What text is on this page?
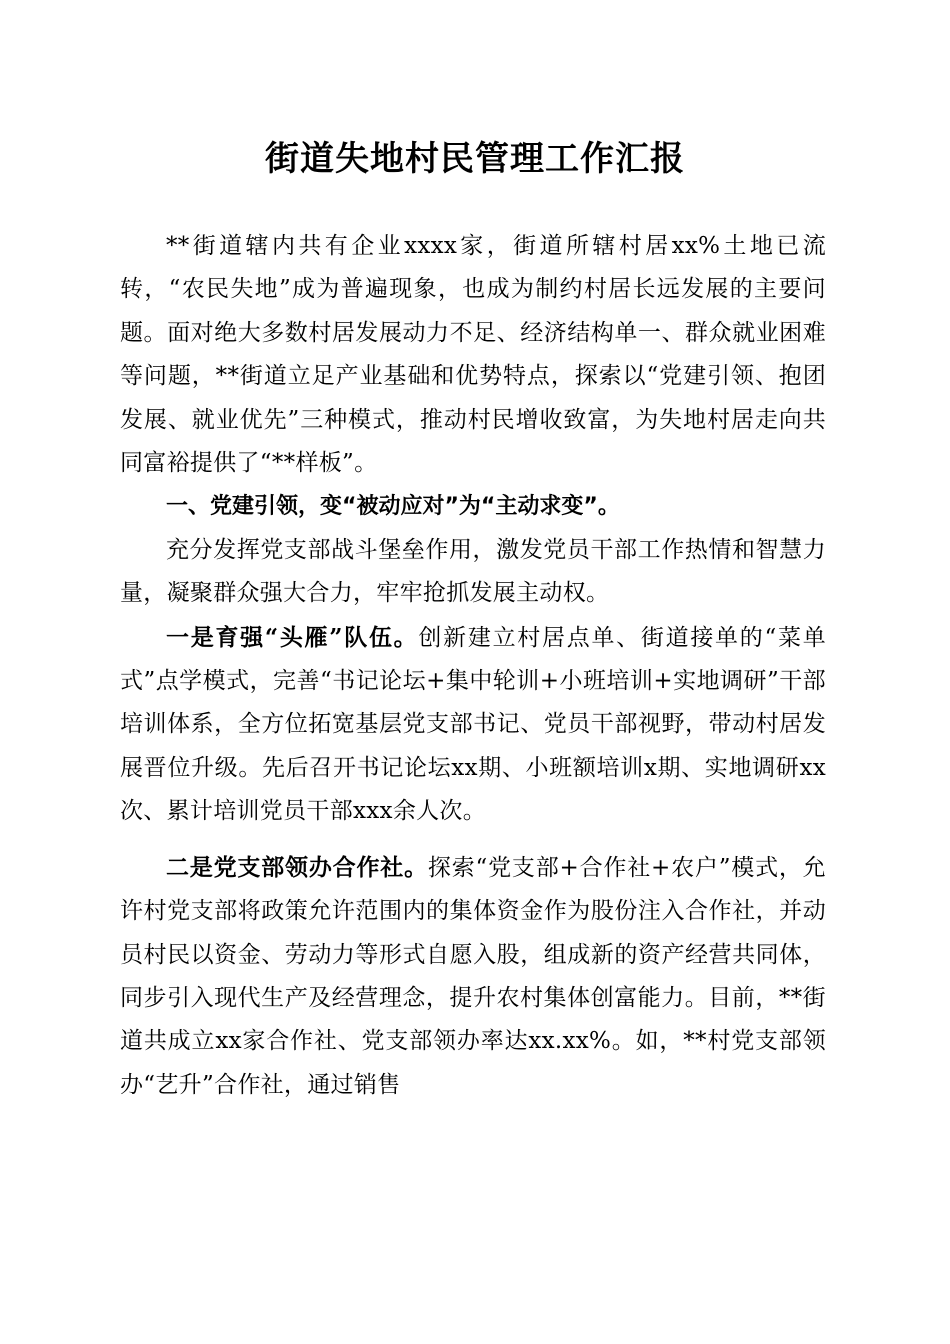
街道失地村民管理工作汇报

**街道辖内共有企业xxxx家，街道所辖村居xx%土地已流转，“农民失地”成为普遍现象，也成为制约村居长远发展的主要问题。面对绝大多数村居发展动力不足、经济结构单一、群众就业困难等问题，**街道立足产业基础和优势特点，探索以“党建引领、抱团发展、就业优先”三种模式，推动村民增收致富，为失地村居走向共同富裕提供了“**样板”。

一、党建引领，变“被动应对”为“主动求变”。

充分发挥党支部战斗堡垒作用，激发党员干部工作热情和智慧力量，凝聚群众强大合力，牢牢抢抓发展主动权。

一是育强“头雁”队伍。创新建立村居点单、街道接单的“菜单式”点学模式，完善“书记论坛+集中轮训+小班培训+实地调研”干部培训体系，全方位拓宽基层党支部书记、党员干部视野，带动村居发展晋位升级。先后召开书记论坛xx期、小班额培训x期、实地调研xx次、累计培训党员干部xxx余人次。

二是党支部领办合作社。探索“党支部+合作社+农户”模式，允许村党支部将政策允许范围内的集体资金作为股份注入合作社，并动员村民以资金、劳动力等形式自愿入股，组成新的资产经营共同体，同步引入现代生产及经营理念，提升农村集体创富能力。目前，**街道共成立xx家合作社、党支部领办率达xx.xx%。如，**村党支部领办“艺升”合作社，通过销售
